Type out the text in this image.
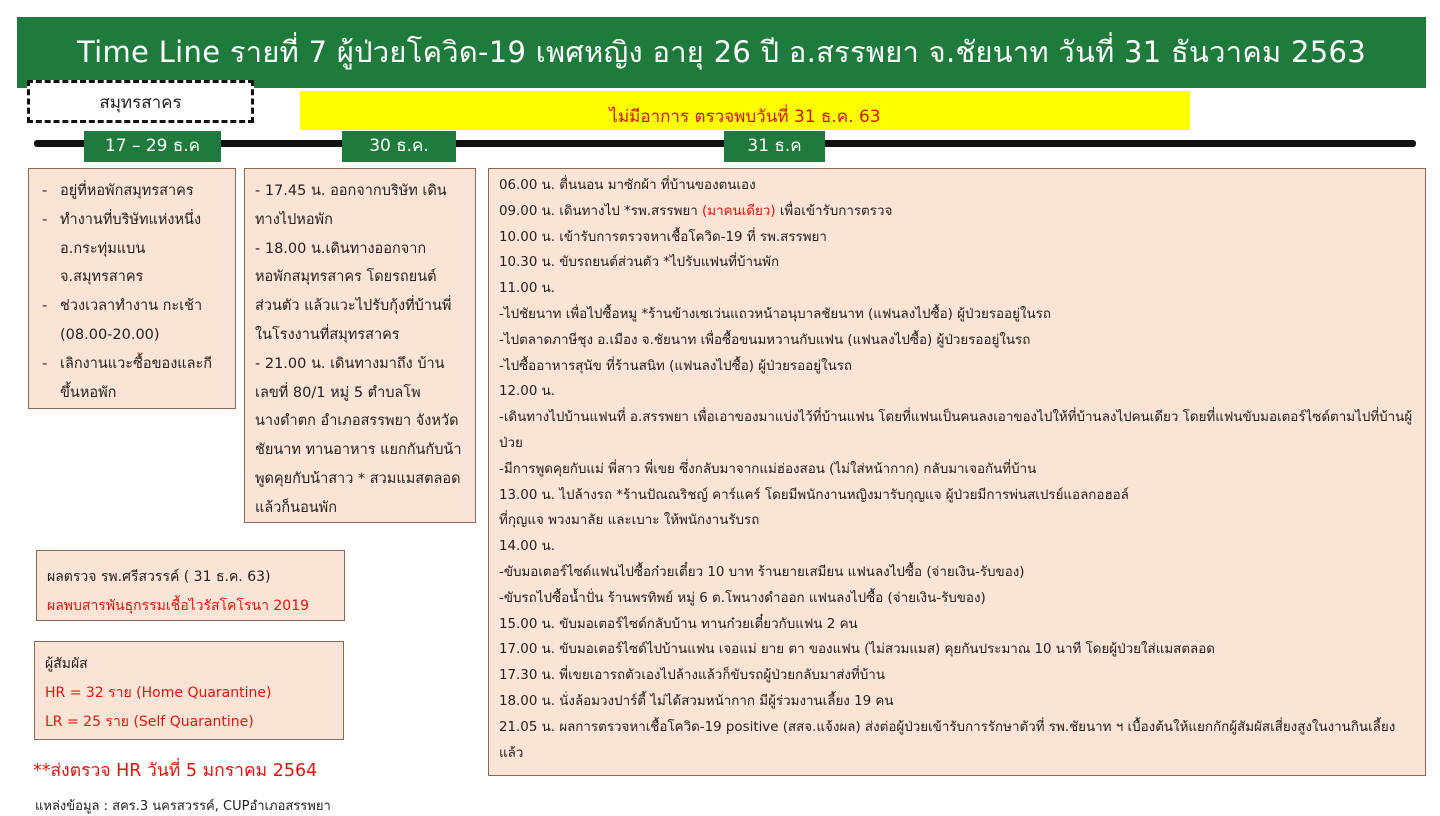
Time Line รายที่ 7 ผู้ป่วยโควิด-19 เพศหญิง อายุ 26 ปี อ.สรรพยา จ.ชัยนาท วันที่ 31 ธันวาคม 2563
สมุทรสาคร
ไม่มีอาการ ตรวจพบวันที่ 31 ธ.ค. 63
17 – 29 ธ.ค	30 ธ.ค.	31 ธ.ค
- อยู่ที่หอพักสมุทรสาคร
- ทำงานที่บริษัทแห่งหนึ่ง อ.กระทุ่มแบน จ.สมุทรสาคร
- ช่วงเวลาทำงาน กะเช้า (08.00-20.00)
- เลิกงานแวะซื้อของและกี ขึ้นหอพัก

- 17.45 น. ออกจากบริษัท เดินทางไปหอพัก

- 18.00 น.เดินทางออกจาก หอพักสมุทรสาคร โดยรถยนต์ ส่วนตัว แล้วแวะไปรับกุ้งที่บ้านพี่ ในโรงงานที่สมุทรสาคร

- 21.00 น. เดินทางมาถึง บ้านเลขที่ 80/1 หมู่ 5 ตำบลโพ นางดำตก อำเภอสรรพยา จังหวัดชัยนาท ทานอาหาร แยกกันกับน้า พูดคุยกับน้าสาว * สวมแมสตลอด แล้วก็นอนพัก

06.00 น. ตื่นนอน มาซักผ้า ที่บ้านของตนเอง

09.00 น. เดินทางไป *รพ.สรรพยา (มาคนเดียว) เพื่อเข้ารับการตรวจ

10.00 น. เข้ารับการตรวจหาเชื้อโควิด-19 ที่ รพ.สรรพยา

10.30 น. ขับรถยนต์ส่วนตัว *ไปรับแฟนที่บ้านพัก

11.00 น.

-ไปชัยนาท เพื่อไปซื้อหมู *ร้านข้างเซเว่นแถวหน้าอนุบาลชัยนาท (แฟนลงไปซื้อ) ผู้ป่วยรออยู่ในรถ

-ไปตลาดภาษีชุง อ.เมือง จ.ชัยนาท เพื่อซื้อขนมหวานกับแฟน (แฟนลงไปซื้อ) ผู้ป่วยรออยู่ในรถ

-ไปซื้ออาหารสุนัข ที่ร้านสนิท (แฟนลงไปซื้อ) ผู้ป่วยรออยู่ในรถ

12.00 น.

-เดินทางไปบ้านแฟนที่ อ.สรรพยา เพื่อเอาของมาแบ่งไว้ที่บ้านแฟน โดยที่แฟนเป็นคนลงเอาของไปให้ที่บ้านลงไปคนเดียว โดยที่แฟนขับมอเตอร์ไซด์ตามไปที่บ้านผู้ป่วย

-มีการพูดคุยกับแม่ พี่สาว พี่เขย ซึ่งกลับมาจากแม่ฮ่องสอน (ไม่ใส่หน้ากาก) กลับมาเจอกันที่บ้าน

13.00 น. ไปล้างรถ *ร้านปัณณริชญ์ คาร์แคร์ โดยมีพนักงานหญิงมารับกุญแจ ผู้ป่วยมีการพ่นสเปรย์แอลกอฮอล์

ที่กุญแจ พวงมาลัย และเบาะ ให้พนักงานรับรถ

14.00 น.

-ขับมอเตอร์ไซด์แฟนไปซื้อก๋วยเตี๋ยว 10 บาท ร้านยายเสมียน แฟนลงไปซื้อ (จ่ายเงิน-รับของ)

-ขับรถไปซื้อน้ำปั่น ร้านพรทิพย์ หมู่ 6 ต.โพนางดำออก แฟนลงไปซื้อ (จ่ายเงิน-รับของ)

15.00 น. ขับมอเตอร์ไซด์กลับบ้าน ทานก๋วยเตี๋ยวกับแฟน 2 คน

17.00 น. ขับมอเตอร์ไซด์ไปบ้านแฟน เจอแม่ ยาย ตา ของแฟน (ไม่สวมแมส) คุยกันประมาณ 10 นาที โดยผู้ป่วยใส่แมสตลอด

17.30 น. พี่เขยเอารถตัวเองไปล้างแล้วก็ขับรถผู้ป่วยกลับมาส่งที่บ้าน

18.00 น. นั่งล้อมวงปาร์ตี้ ไม่ได้สวมหน้ากาก มีผู้ร่วมงานเลี้ยง 19 คน

21.05 น. ผลการตรวจหาเชื้อโควิด-19 positive (สสจ.แจ้งผล) ส่งต่อผู้ป่วยเข้ารับการรักษาตัวที่ รพ.ชัยนาท ฯ เบื้องต้นให้แยกกักผู้สัมผัสเสี่ยงสูงในงานกินเลี้ยงแล้ว

ผลตรวจ รพ.ศรีสวรรค์ ( 31 ธ.ค. 63)
ผลพบสารพันธุกรรมเชื้อไวรัสโคโรนา 2019
ผู้สัมผัส
HR = 32 ราย (Home Quarantine)
LR = 25 ราย (Self Quarantine)
**ส่งตรวจ HR วันที่ 5 มกราคม 2564
แหล่งข้อมูล : สคร.3 นครสวรรค์, CUPอำเภอสรรพยา
